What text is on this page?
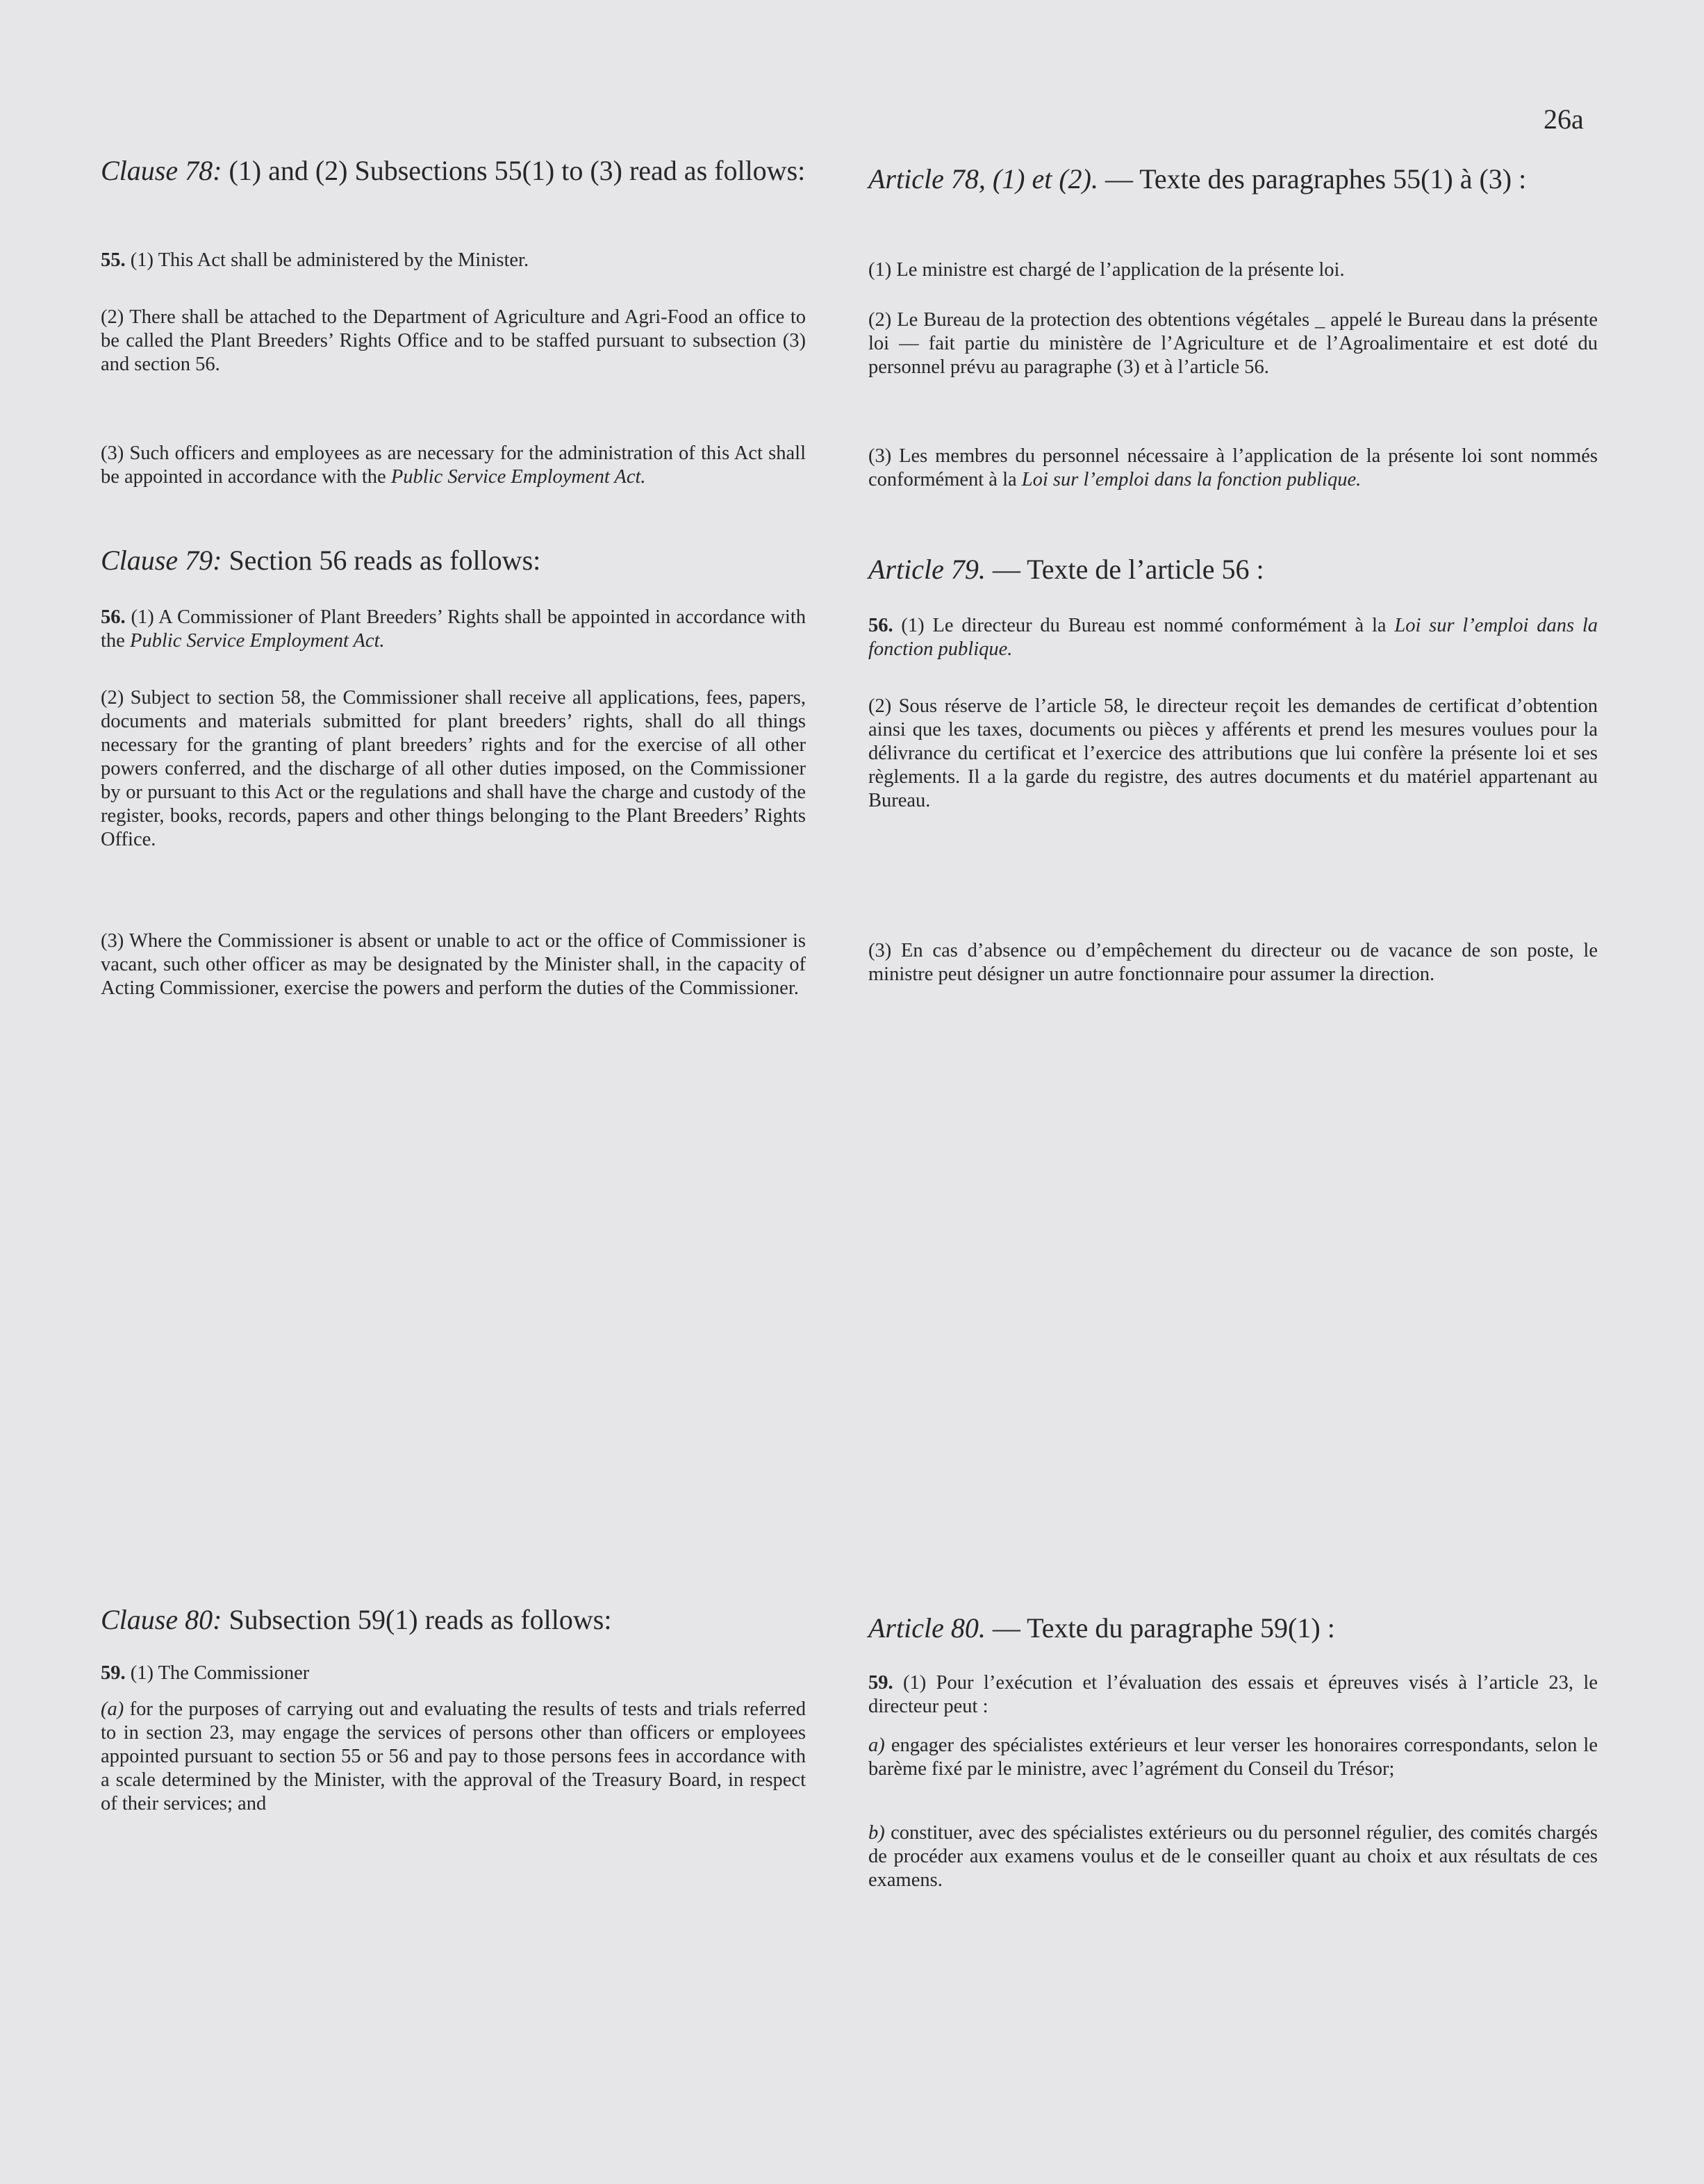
26a
Clause 78: (1) and (2) Subsections 55(1) to (3) read as follows:
55. (1) This Act shall be administered by the Minister.
(2) There shall be attached to the Department of Agriculture and Agri-Food an office to be called the Plant Breeders’ Rights Office and to be staffed pursuant to subsection (3) and section 56.
(3) Such officers and employees as are necessary for the administration of this Act shall be appointed in accordance with the Public Service Employment Act.
Clause 79: Section 56 reads as follows:
56. (1) A Commissioner of Plant Breeders’ Rights shall be appointed in accordance with the Public Service Employment Act.
(2) Subject to section 58, the Commissioner shall receive all applications, fees, papers, documents and materials submitted for plant breeders’ rights, shall do all things necessary for the granting of plant breeders’ rights and for the exercise of all other powers conferred, and the discharge of all other duties imposed, on the Commissioner by or pursuant to this Act or the regulations and shall have the charge and custody of the register, books, records, papers and other things belonging to the Plant Breeders’ Rights Office.
(3) Where the Commissioner is absent or unable to act or the office of Commissioner is vacant, such other officer as may be designated by the Minister shall, in the capacity of Acting Commissioner, exercise the powers and perform the duties of the Commissioner.
Clause 80: Subsection 59(1) reads as follows:
59. (1) The Commissioner
(a) for the purposes of carrying out and evaluating the results of tests and trials referred to in section 23, may engage the services of persons other than officers or employees appointed pursuant to section 55 or 56 and pay to those persons fees in accordance with a scale determined by the Minister, with the approval of the Treasury Board, in respect of their services; and
Article 78, (1) et (2). — Texte des paragraphes 55(1) à (3) :
(1) Le ministre est chargé de l’application de la présente loi.
(2) Le Bureau de la protection des obtentions végétales _ appelé le Bureau dans la présente loi — fait partie du ministère de l’Agriculture et de l’Agroalimentaire et est doté du personnel prévu au paragraphe (3) et à l’article 56.
(3) Les membres du personnel nécessaire à l’application de la présente loi sont nommés conformément à la Loi sur l’emploi dans la fonction publique.
Article 79. — Texte de l’article 56 :
56. (1) Le directeur du Bureau est nommé conformément à la Loi sur l’emploi dans la fonction publique.
(2) Sous réserve de l’article 58, le directeur reçoit les demandes de certificat d’obtention ainsi que les taxes, documents ou pièces y afférents et prend les mesures voulues pour la délivrance du certificat et l’exercice des attributions que lui confère la présente loi et ses règlements. Il a la garde du registre, des autres documents et du matériel appartenant au Bureau.
(3) En cas d’absence ou d’empêchement du directeur ou de vacance de son poste, le ministre peut désigner un autre fonctionnaire pour assumer la direction.
Article 80. — Texte du paragraphe 59(1) :
59. (1) Pour l’exécution et l’évaluation des essais et épreuves visés à l’article 23, le directeur peut :
a) engager des spécialistes extérieurs et leur verser les honoraires correspondants, selon le barème fixé par le ministre, avec l’agrément du Conseil du Trésor;
b) constituer, avec des spécialistes extérieurs ou du personnel régulier, des comités chargés de procéder aux examens voulus et de le conseiller quant au choix et aux résultats de ces examens.
